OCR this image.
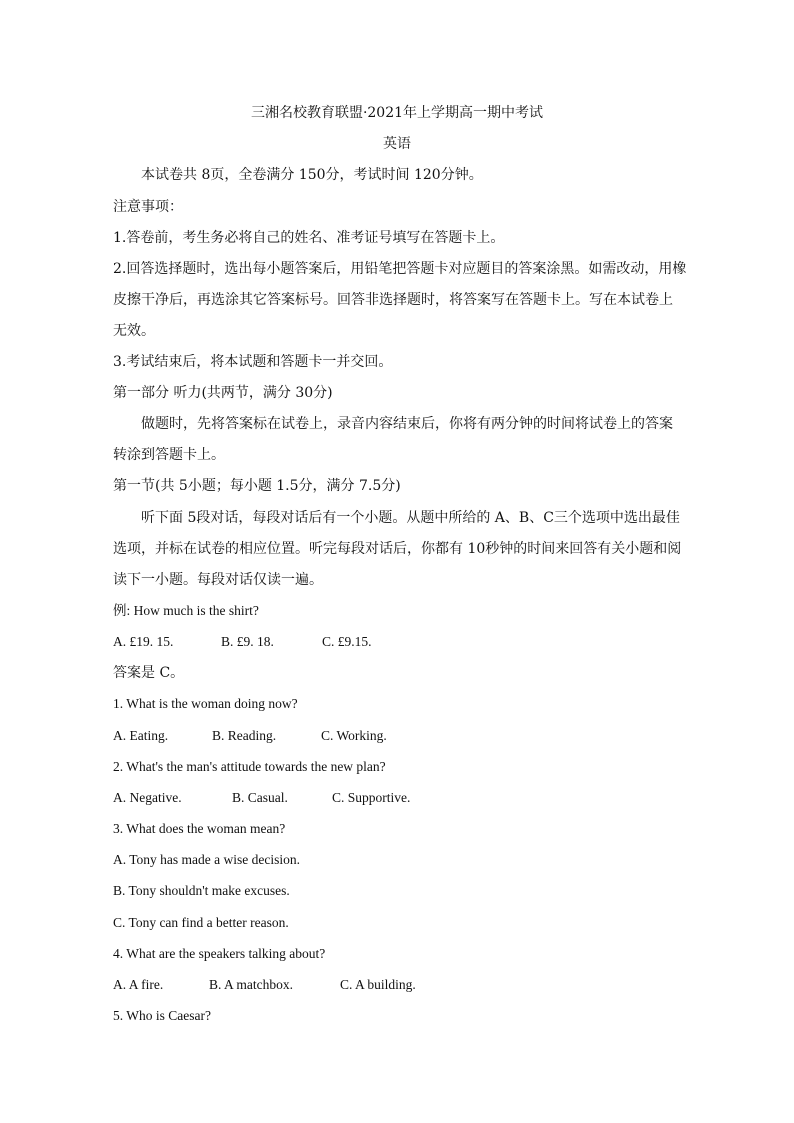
三湘名校教育联盟·2021年上学期高一期中考试
英语
本试卷共 8页，全卷满分 150分，考试时间 120分钟。
注意事项：
1.答卷前，考生务必将自己的姓名、准考证号填写在答题卡上。
2.回答选择题时，选出每小题答案后，用铅笔把答题卡对应题目的答案涂黑。如需改动，用橡
皮擦干净后，再选涂其它答案标号。回答非选择题时，将答案写在答题卡上。写在本试卷上
无效。
3.考试结束后，将本试题和答题卡一并交回。
第一部分 听力(共两节，满分 30分)
做题时，先将答案标在试卷上，录音内容结束后，你将有两分钟的时间将试卷上的答案
转涂到答题卡上。
第一节(共 5小题；每小题 1.5分，满分 7.5分)
听下面 5段对话，每段对话后有一个小题。从题中所给的 A、B、C三个选项中选出最佳
选项，并标在试卷的相应位置。听完每段对话后，你都有 10秒钟的时间来回答有关小题和阅
读下一小题。每段对话仅读一遍。
例: How much is the shirt?
A. £19. 15.	B. £9. 18.	C. £9.15.
答案是 C。
1. What is the woman doing now?
A. Eating.	B. Reading.	C. Working.
2. What's the man's attitude towards the new plan?
A. Negative.	B. Casual.	C. Supportive.
3. What does the woman mean?
A. Tony has made a wise decision.
B. Tony shouldn't make excuses.
C. Tony can find a better reason.
4. What are the speakers talking about?
A. A fire.	B. A matchbox.	C. A building.
5. Who is Caesar?
